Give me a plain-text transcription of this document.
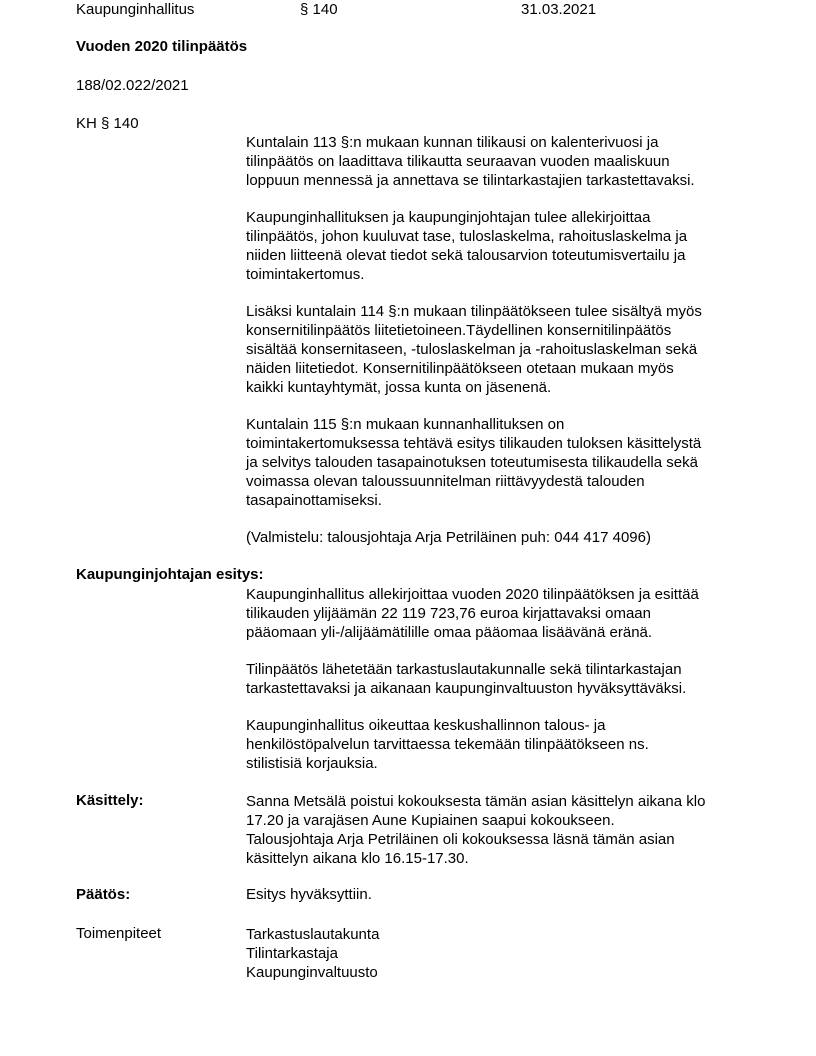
Kaupunginhallitus	§ 140	31.03.2021
Vuoden 2020 tilinpäätös
188/02.022/2021
KH § 140

Kuntalain 113 §:n mukaan kunnan tilikausi on kalenterivuosi ja
tilinpäätös on laadittava tilikautta seuraavan vuoden maaliskuun
loppuun mennessä ja annettava se tilintarkastajien tarkastettavaksi.

Kaupunginhallituksen ja kaupunginjohtajan tulee allekirjoittaa
tilinpäätös, johon kuuluvat tase, tuloslaskelma, rahoituslaskelma ja
niiden liitteenä olevat tiedot sekä talousarvion toteutumisvertailu ja
toimintakertomus.

Lisäksi kuntalain 114 §:n mukaan tilinpäätökseen tulee sisältyä myös
konsernitilinpäätös liitetietoineen.Täydellinen konsernitilinpäätös
sisältää konsernitaseen, -tuloslaskelman ja -rahoituslaskelman sekä
näiden liitetiedot. Konsernitilinpäätökseen otetaan mukaan myös
kaikki kuntayhtymät, jossa kunta on jäsenenä.

Kuntalain 115 §:n mukaan kunnanhallituksen on
toimintakertomuksessa tehtävä esitys tilikauden tuloksen käsittelystä
ja selvitys talouden tasapainotuksen toteutumisesta tilikaudella sekä
voimassa olevan taloussuunnitelman riittävyydestä talouden
tasapainottamiseksi.

(Valmistelu: talousjohtaja Arja Petriläinen puh: 044 417 4096)

Kaupunginjohtajan esitys:

Kaupunginhallitus allekirjoittaa vuoden 2020 tilinpäätöksen ja esittää
tilikauden ylijäämän 22 119 723,76 euroa kirjattavaksi omaan
pääomaan yli-/alijäämätilille omaa pääomaa lisäävänä eränä.

Tilinpäätös lähetetään tarkastuslautakunnalle sekä tilintarkastajan
tarkastettavaksi ja aikanaan kaupunginvaltuuston hyväksyttäväksi.

Kaupunginhallitus oikeuttaa keskushallinnon talous- ja
henkilöstöpalvelun tarvittaessa tekemään tilinpäätökseen ns.
stilistisiä korjauksia.

Käsittely:	Sanna Metsälä poistui kokouksesta tämän asian käsittelyn aikana klo
17.20 ja varajäsen Aune Kupiainen saapui kokoukseen.
Talousjohtaja Arja Petriläinen oli kokouksessa läsnä tämän asian
käsittelyn aikana klo 16.15-17.30.

Päätös:	Esitys hyväksyttiin.
Toimenpiteet	Tarkastuslautakunta
Tilintarkastaja
Kaupunginvaltuusto
